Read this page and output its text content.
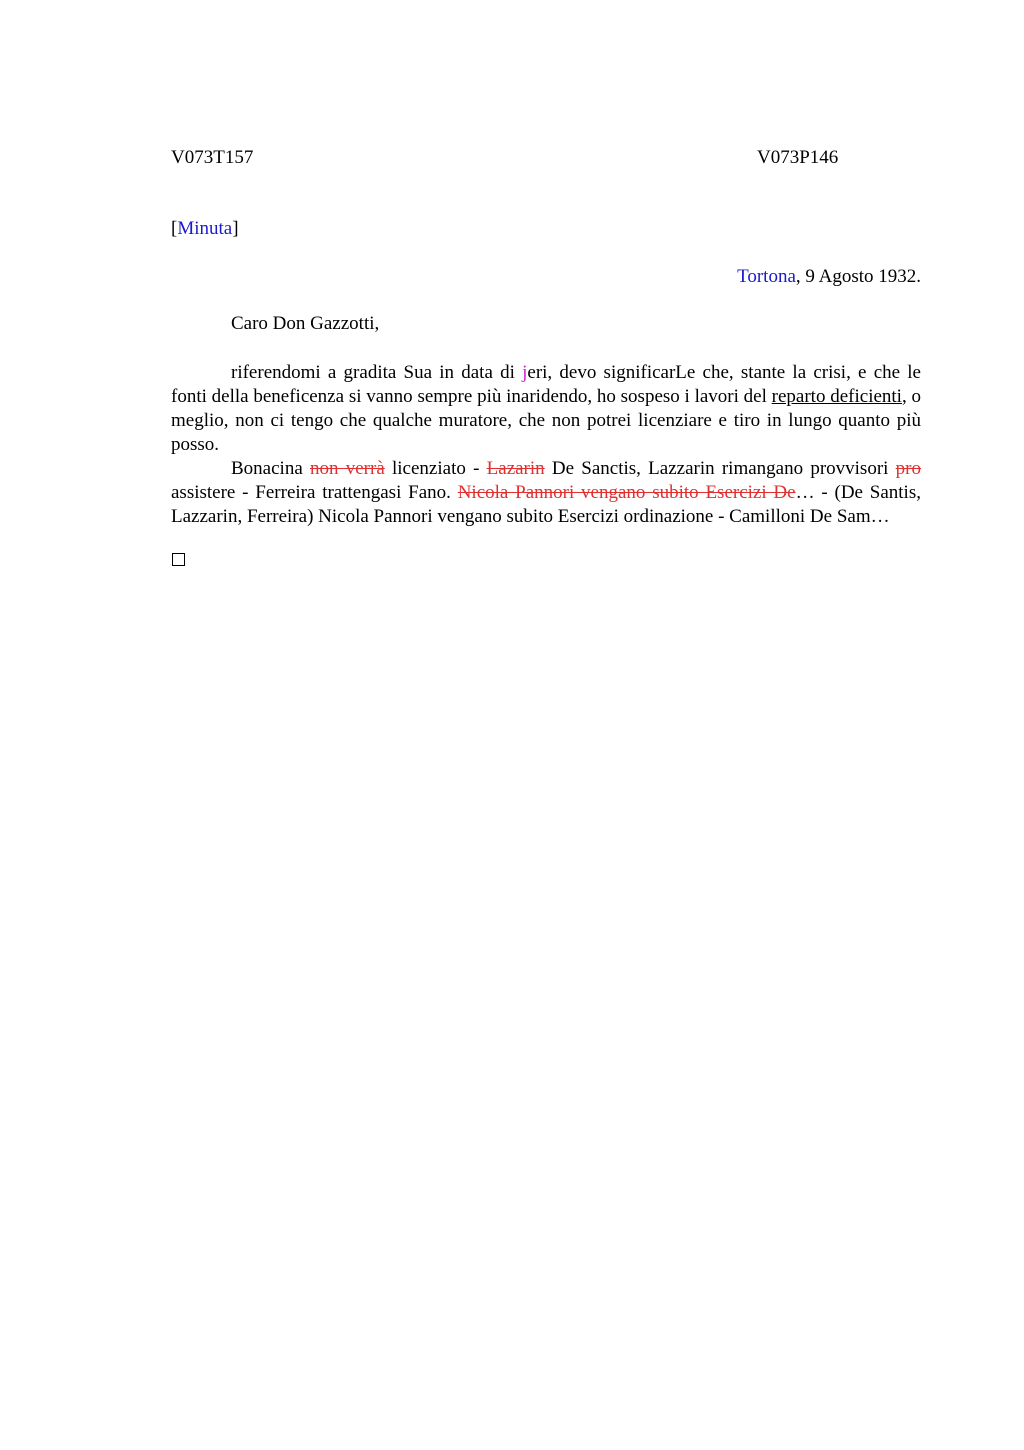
V073T157	V073P146
[Minuta]
Tortona, 9 Agosto 1932.
Caro Don Gazzotti,

riferendomi a gradita Sua in data di jeri, devo significarLe che, stante la crisi, e che le fonti della beneficenza si vanno sempre più inaridendo, ho sospeso i lavori del reparto deficienti, o meglio, non ci tengo che qualche muratore, che non potrei licenziare e tiro in lungo quanto più posso.

Bonacina non verrà licenziato - Lazarin De Sanctis, Lazzarin rimangano provvisori pro assistere - Ferreira trattengasi Fano. Nicola Pannori vengano subito Esercizi De… - (De Santis, Lazzarin, Ferreira) Nicola Pannori vengano subito Esercizi ordinazione - Camilloni De Sam…
